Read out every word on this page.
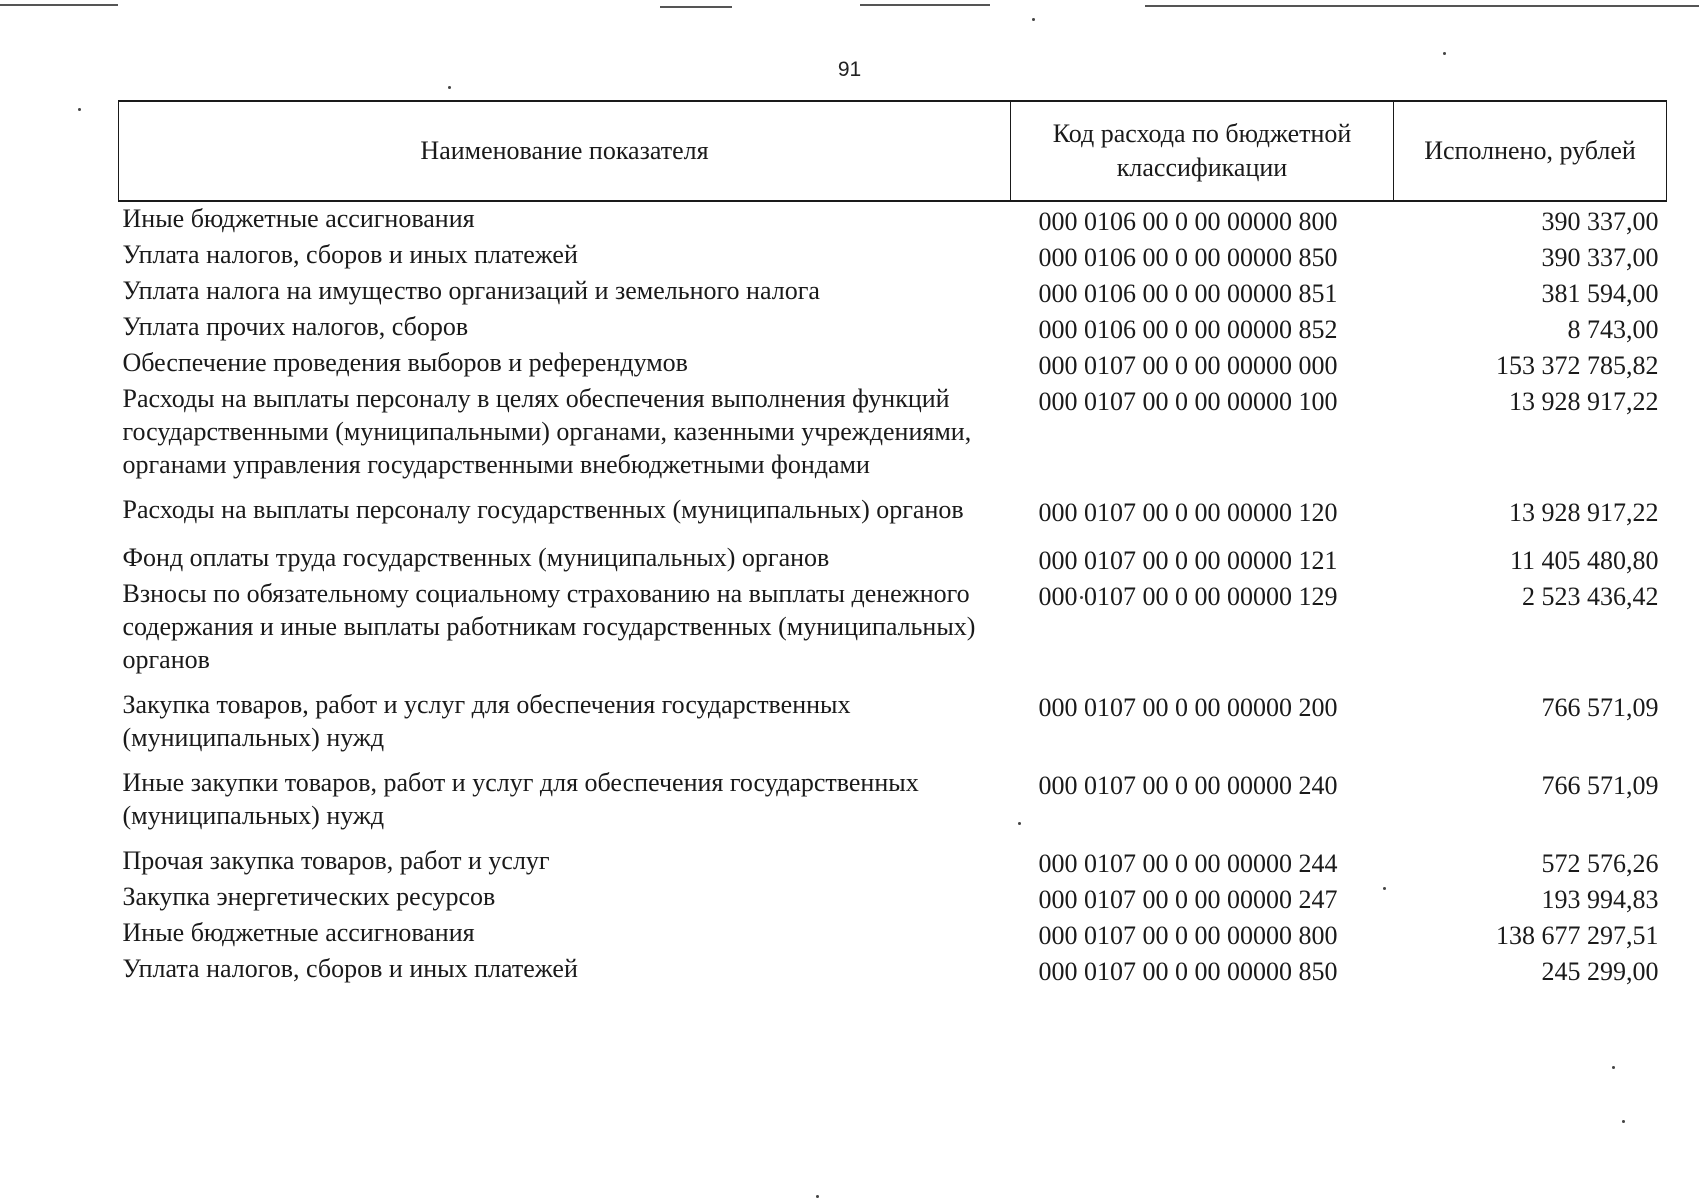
91
Наименование показателя	Код расхода по бюджетной классификации	Исполнено, рублей
Иные бюджетные ассигнования	000 0106 00 0 00 00000 800	390 337,00
Уплата налогов, сборов и иных платежей	000 0106 00 0 00 00000 850	390 337,00
Уплата налога на имущество организаций и земельного налога	000 0106 00 0 00 00000 851	381 594,00
Уплата прочих налогов, сборов	000 0106 00 0 00 00000 852	8 743,00
Обеспечение проведения выборов и референдумов	000 0107 00 0 00 00000 000	153 372 785,82
Расходы на выплаты персоналу в целях обеспечения выполнения функций государственными (муниципальными) органами, казенными учреждениями, органами управления государственными внебюджетными фондами	000 0107 00 0 00 00000 100	13 928 917,22
Расходы на выплаты персоналу государственных (муниципальных) органов	000 0107 00 0 00 00000 120	13 928 917,22
Фонд оплаты труда государственных (муниципальных) органов	000 0107 00 0 00 00000 121	11 405 480,80
Взносы по обязательному социальному страхованию на выплаты денежного содержания и иные выплаты работникам государственных (муниципальных) органов	000 0107 00 0 00 00000 129	2 523 436,42
Закупка товаров, работ и услуг для обеспечения государственных (муниципальных) нужд	000 0107 00 0 00 00000 200	766 571,09
Иные закупки товаров, работ и услуг для обеспечения государственных (муниципальных) нужд	000 0107 00 0 00 00000 240	766 571,09
Прочая закупка товаров, работ и услуг	000 0107 00 0 00 00000 244	572 576,26
Закупка энергетических ресурсов	000 0107 00 0 00 00000 247	193 994,83
Иные бюджетные ассигнования	000 0107 00 0 00 00000 800	138 677 297,51
Уплата налогов, сборов и иных платежей	000 0107 00 0 00 00000 850	245 299,00
